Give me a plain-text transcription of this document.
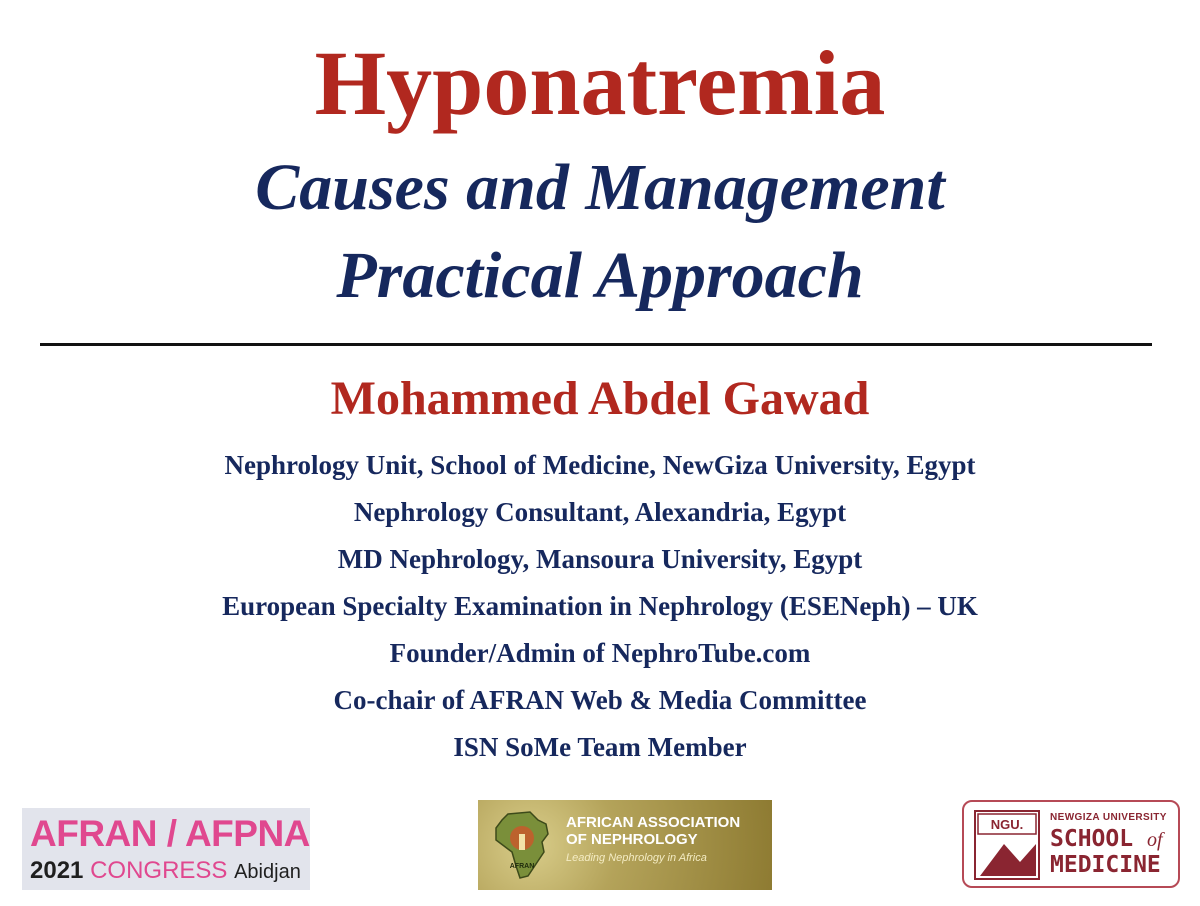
Hyponatremia
Causes and Management
Practical Approach
Mohammed Abdel Gawad
Nephrology Unit, School of Medicine, NewGiza University, Egypt
Nephrology Consultant, Alexandria, Egypt
MD Nephrology, Mansoura University, Egypt
European Specialty Examination in Nephrology (ESENeph) – UK
Founder/Admin of NephroTube.com
Co-chair of AFRAN Web & Media Committee
ISN SoMe Team Member
AFRAN / AFPNA
2021 CONGRESS Abidjan	AFRAN
AFRICAN ASSOCIATION
OF NEPHROLOGY
Leading Nephrology in Africa
NGU.	NEWGIZA UNIVERSITY
SCHOOL of
MEDICINE
